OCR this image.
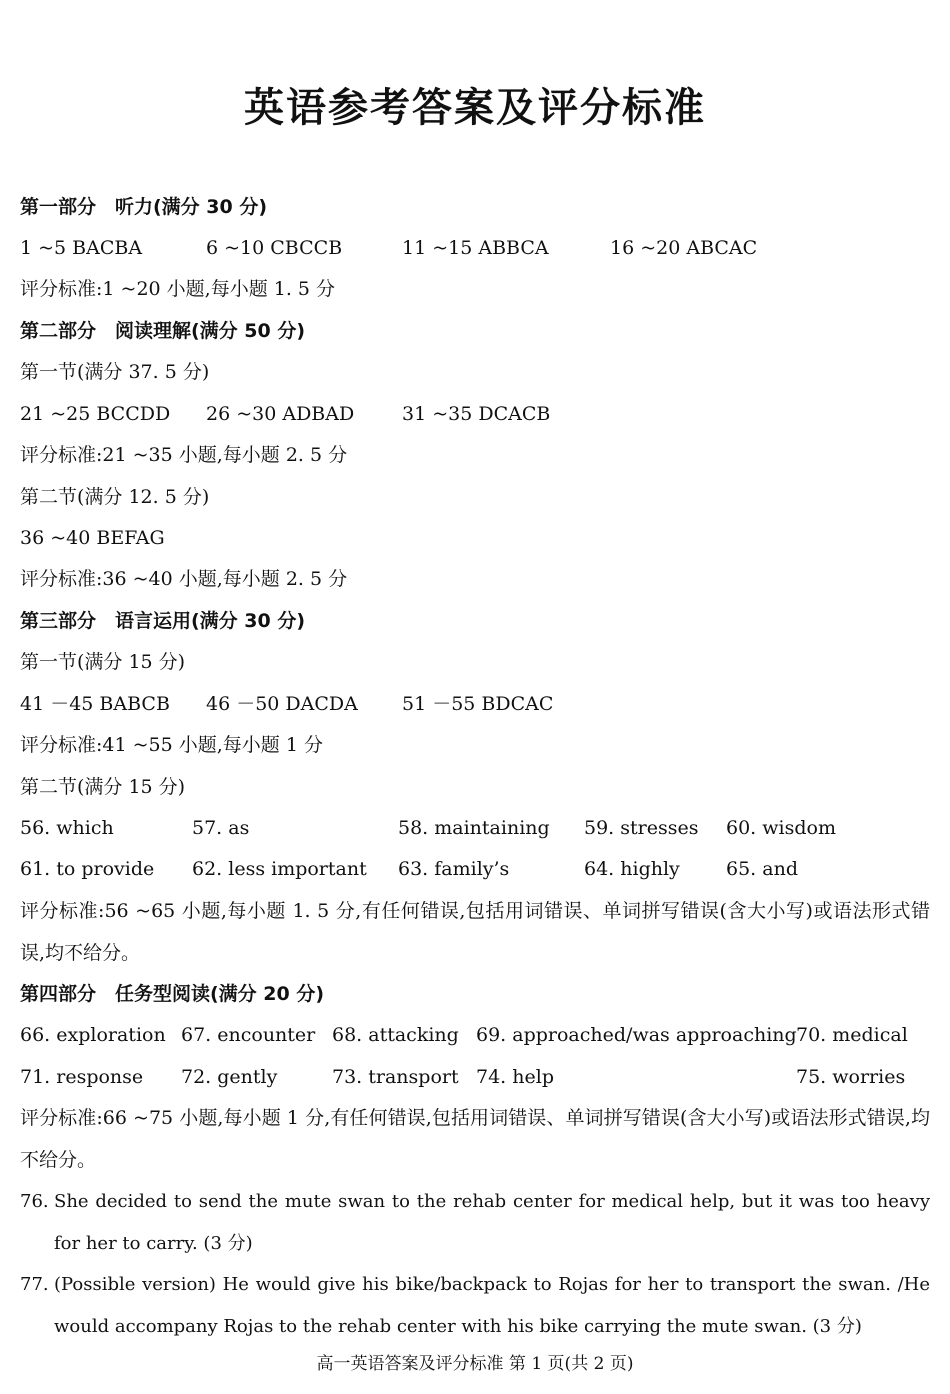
英语参考答案及评分标准
第一部分　听力(满分 30 分)
1 ~5 BACBA	6 ~10 CBCCB	11 ~15 ABBCA	16 ~20 ABCAC
评分标准:1 ~20 小题,每小题 1. 5 分
第二部分　阅读理解(满分 50 分)
第一节(满分 37. 5 分)
21 ~25 BCCDD 26 ~30 ADBAD	31 ~35 DCACB
评分标准:21 ~35 小题,每小题 2. 5 分
第二节(满分 12. 5 分)
36 ~40 BEFAG
评分标准:36 ~40 小题,每小题 2. 5 分
第三部分　语言运用(满分 30 分)
第一节(满分 15 分)
41 －45 BABCB 46 －50 DACDA 51 －55 BDCAC
评分标准:41 ~55 小题,每小题 1 分
第二节(满分 15 分)
56. which	57. as	58. maintaining 59. stresses 60. wisdom
61. to provide 62. less important 63. family’s	64. highly 65. and
评分标准:56 ~65 小题,每小题 1. 5 分,有任何错误,包括用词错误、单词拼写错误(含大小写)或语法形式错误,均不给分。
第四部分　任务型阅读(满分 20 分)
66. exploration 67. encounter 68. attacking 69. approached/was approaching 70. medical
71. response 72. gently	73. transport 74. help	75. worries
评分标准:66 ~75 小题,每小题 1 分,有任何错误,包括用词错误、单词拼写错误(含大小写)或语法形式错误,均不给分。
76. She decided to send the mute swan to the rehab center for medical help, but it was too heavy for her to carry. (3 分)
77. (Possible version) He would give his bike/backpack to Rojas for her to transport the swan. /He would accompany Rojas to the rehab center with his bike carrying the mute swan. (3 分)
高一英语答案及评分标准 第 1 页(共 2 页)
